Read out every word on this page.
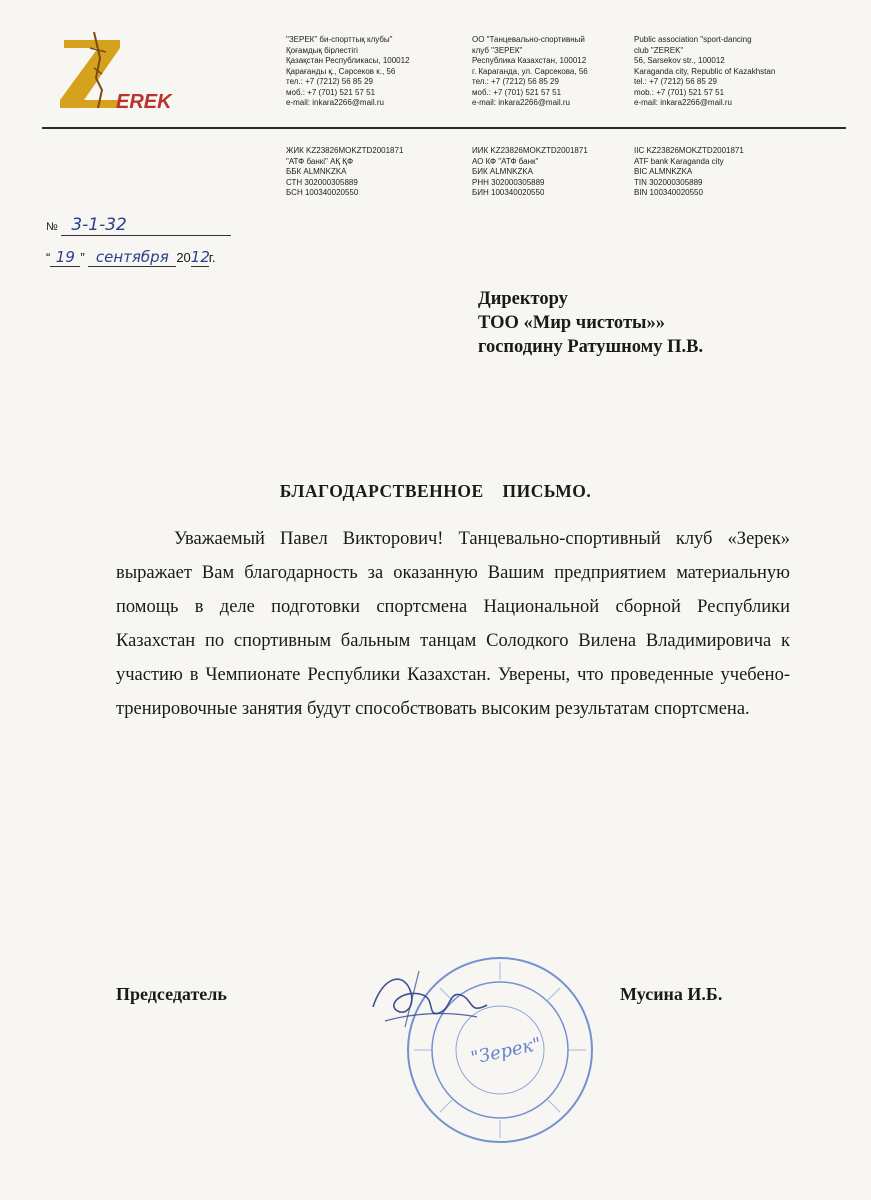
EREK
"ЗЕРЕК" би-спорттық клубы"
Қоғамдық бірлестігі
Қазақстан Республикасы, 100012
Қарағанды қ., Сәрсеков к., 56
тел.: +7 (7212) 56 85 29
моб.: +7 (701) 521 57 51
e-mail: inkara2266@mail.ru
ОО "Танцевально-спортивный
клуб "ЗЕРЕК"
Республика Казахстан, 100012
г. Караганда, ул. Сарсекова, 56
тел.: +7 (7212) 56 85 29
моб.: +7 (701) 521 57 51
e-mail: inkara2266@mail.ru
Public association "sport-dancing
club "ZEREK"
56, Sarsekov str., 100012
Karaganda city, Republic of Kazakhstan
tel.: +7 (7212) 56 85 29
mob.: +7 (701) 521 57 51
e-mail: inkara2266@mail.ru
ЖИК KZ23826MOKZTD2001871
"АТФ банкі" АҚ ҚФ
ББК ALMNKZKA
СТН 302000305889
БСН 100340020550
ИИК KZ23826MOKZTD2001871
АО КФ "АТФ банк"
БИК ALMNKZKA
РНН 302000305889
БИН 100340020550
IIC KZ23826MOKZTD2001871
ATF bank Karaganda city
BIC ALMNKZKA
TIN 302000305889
BIN 100340020550
№ 3-1-32
“ 19 ” сентября 2012г.
Директору
ТОО «Мир чистоты»»
господину Ратушному П.В.
БЛАГОДАРСТВЕННОЕ ПИСЬМО.
Уважаемый Павел Викторович! Танцевально-спортивный клуб «Зерек» выражает Вам благодарность за оказанную Вашим предприятием материальную помощь в деле подготовки спортсмена Национальной сборной Республики Казахстан по спортивным бальным танцам Солодкого Вилена Владимировича к участию в Чемпионате Республики Казахстан. Уверены, что проведенные учебено-тренировочные занятия будут способствовать высоким результатам спортсмена.
"Зерек"
Председатель	Мусина И.Б.
